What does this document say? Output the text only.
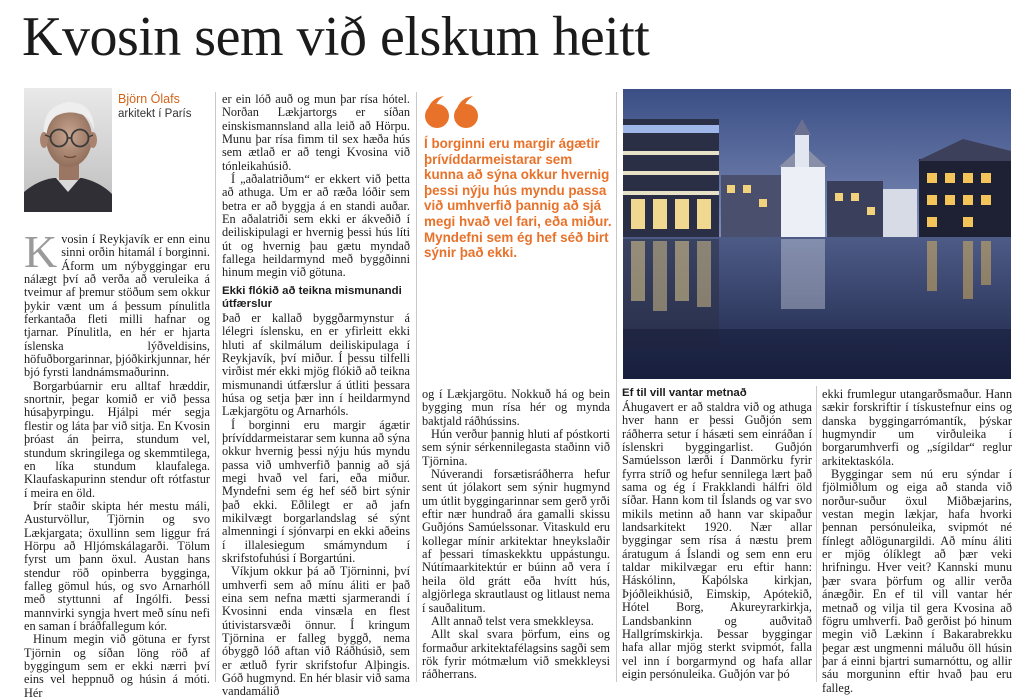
Kvosin sem við elskum heitt
Björn Ólafs
arkitekt í París

Kvosin í Reykjavík er enn einu sinni orðin hitamál í borginni. Áform um nýbyggingar eru nálægt því að verða að veruleika á tveimur af þremur stöðum sem okkur þykir vænt um á þessum pínulitla ferkantaða fleti milli hafnar og tjarnar. Pínulitla, en hér er hjarta íslenska lýðveldisins, höfuðborgarinnar, þjóðkirkjunnar, hér bjó fyrsti landnámsmaðurinn.

Borgarbúarnir eru alltaf hræddir, snortnir, þegar komið er við þessa húsaþyrpingu. Hjálpi mér segja flestir og láta þar við sitja. En Kvosin þróast án þeirra, stundum vel, stundum skringilega og skemmtilega, en líka stundum klaufalega. Klaufaskapurinn stendur oft rótfastur í meira en öld.

Þrír staðir skipta hér mestu máli, Austurvöllur, Tjörnin og svo Lækjargata; öxullinn sem liggur frá Hörpu að Hljómskálagarði. Tölum fyrst um þann öxul. Austan hans stendur röð opinberra bygginga, falleg gömul hús, og svo Arnarhóll með styttunni af Ingólfi. Þessi mannvirki syngja hvert með sínu nefi en saman í bráðfallegum kór.

Hinum megin við götuna er fyrst Tjörnin og síðan löng röð af byggingum sem er ekki nærri því eins vel heppnuð og húsin á móti. Hér

er ein lóð auð og mun þar rísa hótel. Norðan Lækjartorgs er síðan einskismannsland alla leið að Hörpu. Munu þar rísa fimm til sex hæða hús sem ætlað er að tengi Kvosina við tónleikahúsið.

Í „aðalatriðum“ er ekkert við þetta að athuga. Um er að ræða lóðir sem betra er að byggja á en standi auðar. En aðalatriði sem ekki er ákveðið í deiliskipulagi er hvernig þessi hús líti út og hvernig þau gætu myndað fallega heildarmynd með byggðinni hinum megin við götuna.

Ekki flókið að teikna mismunandi útfærslur

Það er kallað byggðarmynstur á lélegri íslensku, en er yfirleitt ekki hluti af skilmálum deiliskipulaga í Reykjavík, því miður. Í þessu tilfelli virðist mér ekki mjög flókið að teikna mismunandi útfærslur á útliti þessara húsa og setja þær inn í heildarmynd Lækjargötu og Arnarhóls.

Í borginni eru margir ágætir þrívíddarmeistarar sem kunna að sýna okkur hvernig þessi nýju hús myndu passa við umhverfið þannig að sjá megi hvað vel fari, eða miður. Myndefni sem ég hef séð birt sýnir það ekki. Eðlilegt er að jafn mikilvægt borgarlandslag sé sýnt almenningi í sjónvarpi en ekki aðeins í illalesiegum smámyndum í skrifstofuhúsi í Borgartúni.

Víkjum okkur þá að Tjörninni, því umhverfi sem að mínu áliti er það eina sem nefna mætti sjarmerandi í Kvosinni enda vinsæla en flest útivistarsvæði önnur. Í kringum Tjörnina er falleg byggð, nema óbyggð lóð aftan við Ráðhúsið, sem er ætluð fyrir skrifstofur Alþingis. Góð hugmynd. En hér blasir við sama vandamálið

Í borginni eru margir ágætir þrívíddarmeistarar sem kunna að sýna okkur hvernig þessi nýju hús myndu passa við umhverfið þannig að sjá megi hvað vel fari, eða miður. Myndefni sem ég hef séð birt sýnir það ekki.

og í Lækjargötu. Nokkuð há og bein bygging mun rísa hér og mynda baktjald ráðhússins.

Hún verður þannig hluti af póstkorti sem sýnir sérkennilegasta staðinn við Tjörnina.

Núverandi forsætisráðherra hefur sent út jólakort sem sýnir hugmynd um útlit byggingarinnar sem gerð yrði eftir nær hundrað ára gamalli skissu Guðjóns Samúelssonar. Vitaskuld eru kollegar mínir arkitektar hneykslaðir af þessari tímaskekktu uppástungu. Nútímaarkitektúr er búinn að vera í heila öld grátt eða hvítt hús, algjörlega skrautlaust og litlaust nema í sauðalitum.

Allt annað telst vera smekkleysa.

Allt skal svara þörfum, eins og formaður arkitektafélagsins sagði sem rök fyrir mótmælum við smekkleysi ráðherrans.

Ef til vill vantar metnað

Áhugavert er að staldra við og athuga hver hann er þessi Guðjón sem ráðherra setur í hásæti sem einráðan í íslenskri byggingarlist. Guðjón Samúelsson lærði í Danmörku fyrir fyrra stríð og hefur sennilega lært það sama og ég í Frakklandi hálfri öld síðar. Hann kom til Íslands og var svo mikils metinn að hann var skipaður landsarkitekt 1920. Nær allar byggingar sem rísa á næstu þrem áratugum á Íslandi og sem enn eru taldar mikilvægar eru eftir hann: Háskólinn, Kaþólska kirkjan, Þjóðleikhúsið, Eimskip, Apótekið, Hótel Borg, Akureyrarkirkja, Landsbankinn og auðvitað Hallgrímskirkja. Þessar byggingar hafa allar mjög sterkt svipmót, falla vel inn í borgarmynd og hafa allar eigin persónuleika. Guðjón var þó

ekki frumlegur utangarðsmaður. Hann sækir forskriftir í tískustefnur eins og danska byggingarrómantík, þýskar hugmyndir um virðuleika í borgarumhverfi og „sígildar“ reglur arkitektaskóla.

Byggingar sem nú eru sýndar í fjölmiðlum og eiga að standa við norður-suður öxul Miðbæjarins, vestan megin lækjar, hafa hvorki þennan persónuleika, svipmót né fínlegt aðlögunargildi. Að mínu áliti er mjög ólíklegt að þær veki hrifningu. Hver veit? Kannski munu þær svara þörfum og allir verða ánægðir. En ef til vill vantar hér metnað og vilja til gera Kvosina að fögru umhverfi. Það gerðist þó hinum megin við Lækinn í Bakarabrekku þegar æst ungmenni máluðu öll húsin þar á einni bjartri sumarnóttu, og allir sáu morguninn eftir hvað þau eru falleg.
